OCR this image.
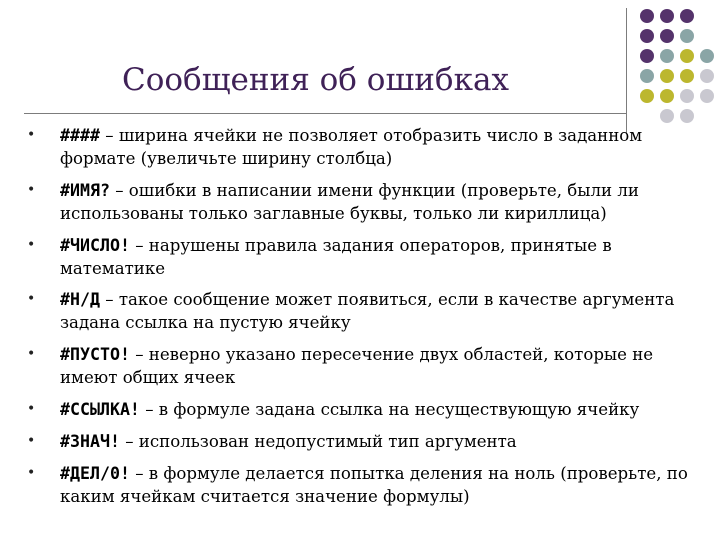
Сообщения об ошибках
• #### – ширина ячейки не позволяет отобразить число в заданном формате (увеличьте ширину столбца)
• #ИМЯ? – ошибки в написании имени функции (проверьте, были ли использованы только заглавные буквы, только ли кириллица)
• #ЧИСЛО! – нарушены правила задания операторов, принятые в математике
• #Н/Д – такое сообщение может появиться, если в качестве аргумента задана ссылка на пустую ячейку
• #ПУСТО! – неверно указано пересечение двух областей, которые не имеют общих ячеек
• #ССЫЛКА! – в формуле задана ссылка на несуществующую ячейку
• #ЗНАЧ! – использован недопустимый тип аргумента
• #ДЕЛ/0! – в формуле делается попытка деления на ноль (проверьте, по каким ячейкам считается значение формулы)
